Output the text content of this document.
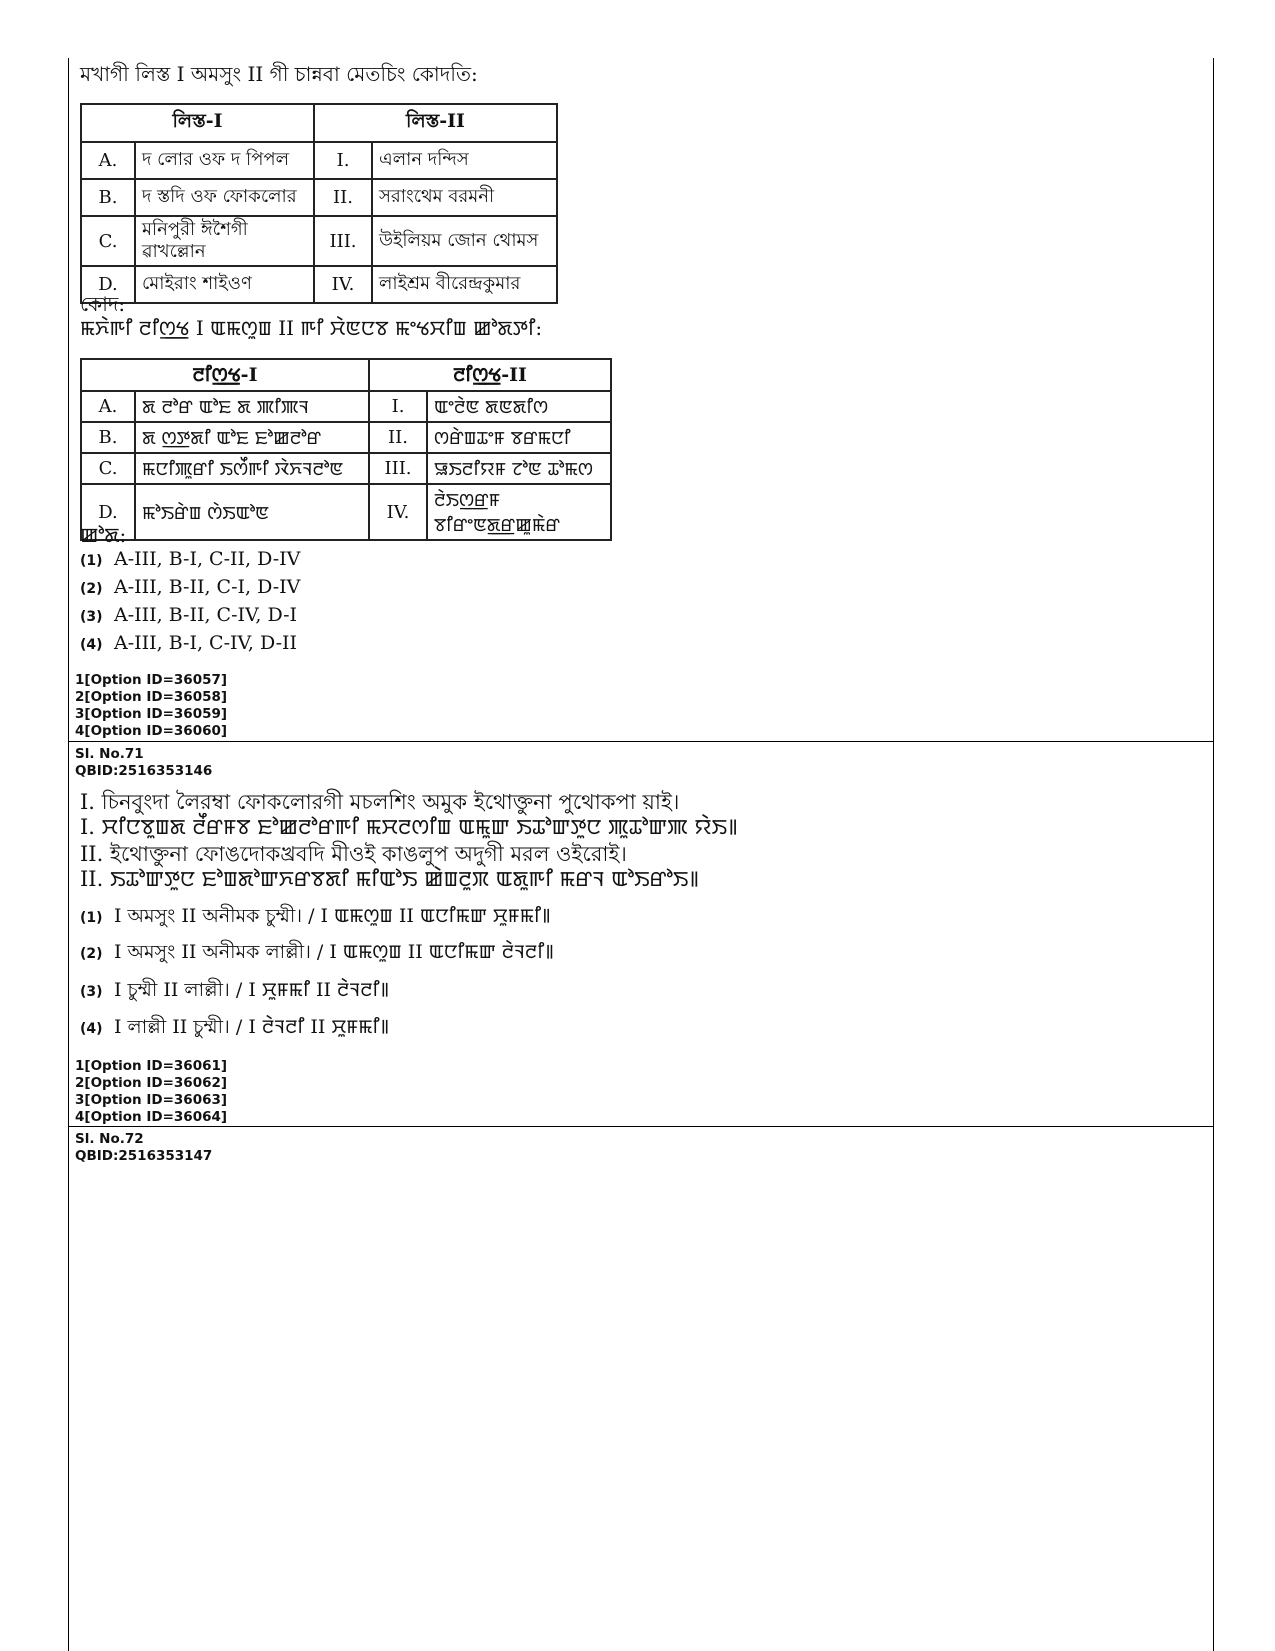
মখাগী লিস্ত I অমসুং II গী চান্নবা মেতচিং কোদতি:
লিস্ত-I		লিস্ত-II	
A.	দ লোর ওফ দ পিপল	I.	এলান দন্দিস
B.	দ স্তদি ওফ ফোকলোর	II.	সরাংথেম বরমনী
C.	মনিপুরী ঈশৈগী ৱাখল্লোন	III.	উইলিয়ম জোন থোমস
D.	মোইরাং শাইওণ	IV.	লাইশ্রম বীরেন্দ্রকুমার
কোদ:
ꯃꯈꯥꯒꯤ ꯂꯤꯁ꯭ꯠ I ꯑꯃꯁꯨꯡ II ꯒꯤ ꯆꯥꯟꯅꯕ ꯃꯦꯠꯆꯤꯡ ꯀꯣꯗꯇꯤ:
ꯂꯤꯁ꯭ꯠ-I		ꯂꯤꯁ꯭ꯠ-II	
A.	ꯗ ꯂꯣꯔ ꯑꯣꯐ ꯗ ꯄꯤꯄꯜ	I.	ꯑꯦꯂꯥꯟ ꯗꯟꯗꯤꯁ
B.	ꯗ ꯁ꯭ꯇꯗꯤ ꯑꯣꯐ ꯐꯣꯀꯂꯣꯔ	II.	ꯁꯔꯥꯡꯊꯦꯝ ꯕꯔꯃꯅꯤ
C.	ꯃꯅꯤꯄꯨꯔꯤ ꯏꯁꯩꯒꯤ ꯋꯥꯈꯜꯂꯣꯟ	III.	ꯎꯏꯂꯤꯌꯝ ꯖꯣꯟ ꯊꯣꯃꯁ
D.	ꯃꯣꯏꯔꯥꯡ ꯁꯥꯏꯑꯣꯟ	IV.	ꯂꯥꯏꯁ꯭ꯔꯝ ꯕꯤꯔꯦꯟꯗ꯭ꯔꯀꯨꯃꯥꯔ
ꯀꯣꯗ:
(1) A-III, B-I, C-II, D-IV
(2) A-III, B-II, C-I, D-IV
(3) A-III, B-II, C-IV, D-I
(4) A-III, B-I, C-IV, D-II
1[Option ID=36057]
2[Option ID=36058]
3[Option ID=36059]
4[Option ID=36060]
Sl. No.71
QBID:2516353146
I. চিনবুংদা লৈরম্বা ফোকলোরগী মচলশিং অমুক ইথোক্তুনা পুথোকপা য়াই।
I. ꯆꯤꯅꯕꯨꯡꯗ ꯂꯩꯔꯝꯕ ꯐꯣꯀꯂꯣꯔꯒꯤ ꯃꯆꯂꯁꯤꯡ ꯑꯃꯨꯛ ꯏꯊꯣꯛꯇꯨꯅ ꯄꯨꯊꯣꯛꯄ ꯌꯥꯏ꯫
II. ইথোক্তুনা ফোঙদোকখ্রবদি মীওই কাঙলুপ অদুগী মরল ওইরোই।
II. ꯏꯊꯣꯛꯇꯨꯅ ꯐꯣꯡꯗꯣꯛꯈꯔꯕꯗꯤ ꯃꯤꯑꯣꯏ ꯀꯥꯡꯂꯨꯞ ꯑꯗꯨꯒꯤ ꯃꯔꯜ ꯑꯣꯏꯔꯣꯏ꯫
(1) I অমসুং II অনীমক চুম্মী। / I ꯑꯃꯁꯨꯡ II ꯑꯅꯤꯃꯛ ꯆꯨꯝꯃꯤ꯫
(2) I অমসুং II অনীমক লাল্লী। / I ꯑꯃꯁꯨꯡ II ꯑꯅꯤꯃꯛ ꯂꯥꯜꯂꯤ꯫
(3) I চুম্মী II লাল্লী। / I ꯆꯨꯝꯃꯤ II ꯂꯥꯜꯂꯤ꯫
(4) I লাল্লী II চুম্মী। / I ꯂꯥꯜꯂꯤ II ꯆꯨꯝꯃꯤ꯫
1[Option ID=36061]
2[Option ID=36062]
3[Option ID=36063]
4[Option ID=36064]
Sl. No.72
QBID:2516353147
